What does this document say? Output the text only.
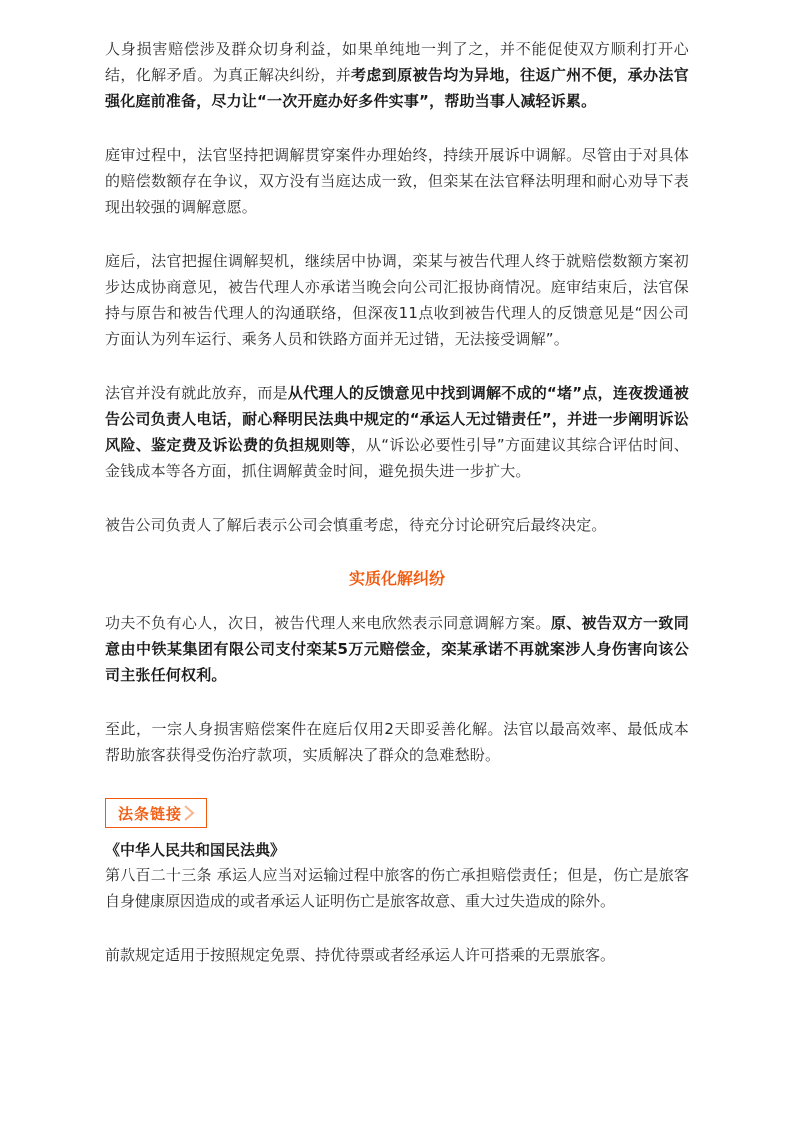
人身损害赔偿涉及群众切身利益，如果单纯地一判了之，并不能促使双方顺利打开心结，化解矛盾。为真正解决纠纷，并考虑到原被告均为异地，往返广州不便，承办法官强化庭前准备，尽力让“一次开庭办好多件实事”，帮助当事人减轻诉累。

庭审过程中，法官坚持把调解贯穿案件办理始终，持续开展诉中调解。尽管由于对具体的赔偿数额存在争议，双方没有当庭达成一致，但栾某在法官释法明理和耐心劝导下表现出较强的调解意愿。

庭后，法官把握住调解契机，继续居中协调，栾某与被告代理人终于就赔偿数额方案初步达成协商意见，被告代理人亦承诺当晚会向公司汇报协商情况。庭审结束后，法官保持与原告和被告代理人的沟通联络，但深夜11点收到被告代理人的反馈意见是“因公司方面认为列车运行、乘务人员和铁路方面并无过错，无法接受调解”。

法官并没有就此放弃，而是从代理人的反馈意见中找到调解不成的“堵”点，连夜拨通被告公司负责人电话，耐心释明民法典中规定的“承运人无过错责任”，并进一步阐明诉讼风险、鉴定费及诉讼费的负担规则等，从“诉讼必要性引导”方面建议其综合评估时间、金钱成本等各方面，抓住调解黄金时间，避免损失进一步扩大。

被告公司负责人了解后表示公司会慎重考虑，待充分讨论研究后最终决定。

实质化解纠纷

功夫不负有心人，次日，被告代理人来电欣然表示同意调解方案。原、被告双方一致同意由中铁某集团有限公司支付栾某5万元赔偿金，栾某承诺不再就案涉人身伤害向该公司主张任何权利。

至此，一宗人身损害赔偿案件在庭后仅用2天即妥善化解。法官以最高效率、最低成本帮助旅客获得受伤治疗款项，实质解决了群众的急难愁盼。

法条链接

《中华人民共和国民法典》

第八百二十三条 承运人应当对运输过程中旅客的伤亡承担赔偿责任；但是，伤亡是旅客自身健康原因造成的或者承运人证明伤亡是旅客故意、重大过失造成的除外。

前款规定适用于按照规定免票、持优待票或者经承运人许可搭乘的无票旅客。
